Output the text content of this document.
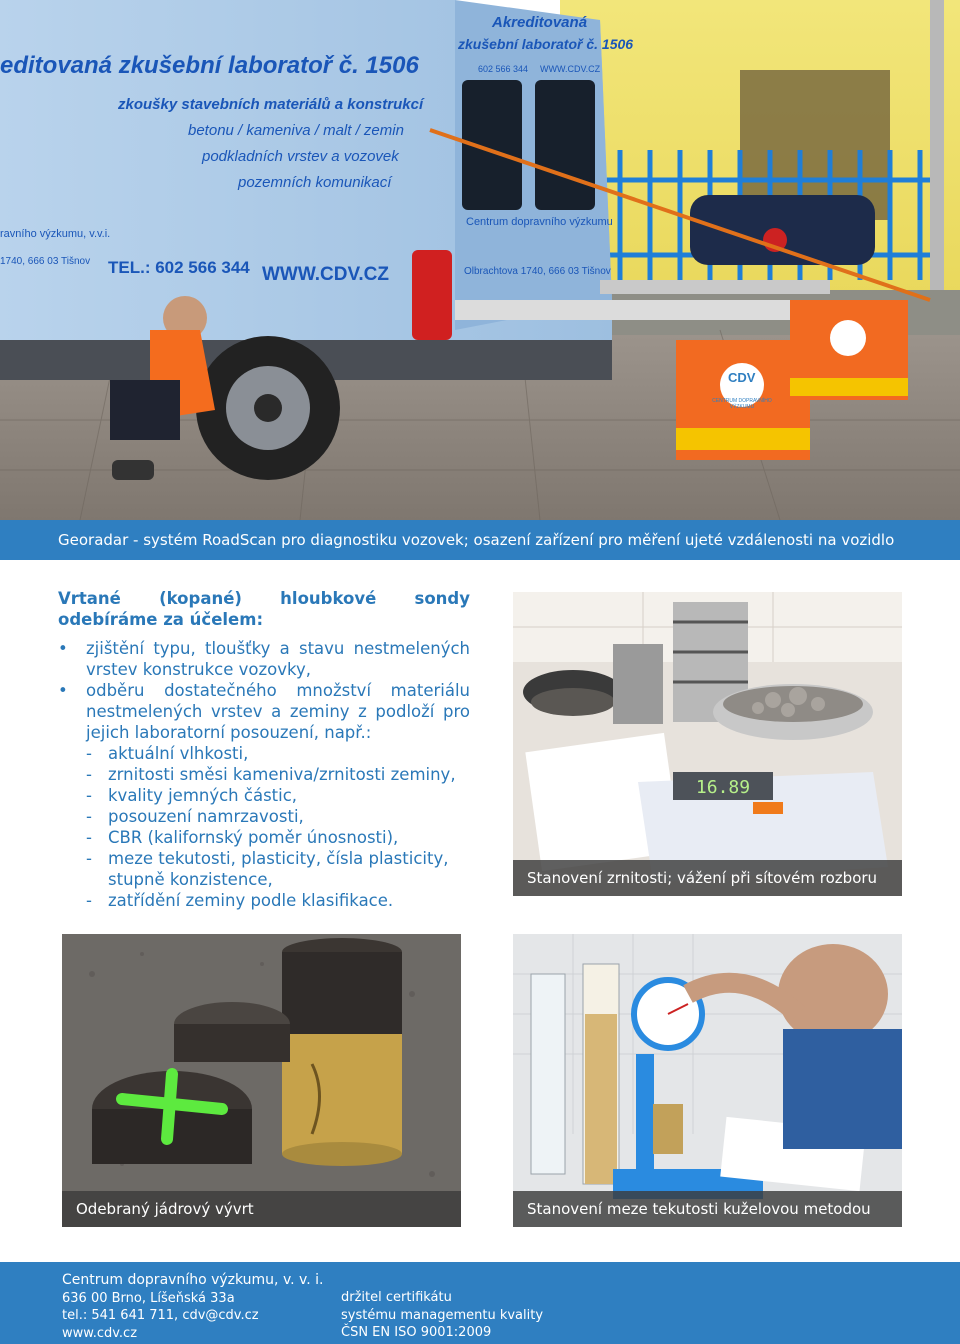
editovaná zkušební laboratoř č. 1506
zkoušky stavebních materiálů a konstrukcí
betonu / kameniva / malt / zemin
podkladních vrstev a vozovek
pozemních komunikací
ravního výzkumu, v.v.i.
1740, 666 03 Tišnov TEL.: 602 566 344 WWW.CDV.CZ
Akreditovaná
zkušební laboratoř č. 1506
602 566 344 WWW.CDV.CZ
Centrum dopravního výzkumu
Olbrachtova 1740, 666 03 Tišnov
CDV
CENTRUM DOPRAVNÍHO VÝZKUMU
Georadar - systém RoadScan pro diagnostiku vozovek; osazení zařízení pro měření ujeté vzdálenosti na vozidlo

Vrtané (kopané) hloubkové sondy odebíráme za účelem:

• zjištění typu, tloušťky a stavu nestmelených vrstev konstrukce vozovky,
• odběru dostatečného množství materiálu nestmelených vrstev a zeminy z podloží pro jejich laboratorní posouzení, např.:
- aktuální vlhkosti,
- zrnitosti směsi kameniva/zrnitosti zeminy,
- kvality jemných částic,
- posouzení namrzavosti,
- CBR (kalifornský poměr únosnosti),
- meze tekutosti, plasticity, čísla plasticity, stupně konzistence,
- zatřídění zeminy podle klasifikace.
16.89
Stanovení zrnitosti; vážení při sítovém rozboru
Odebraný jádrový vývrt	Stanovení meze tekutosti kuželovou metodou
Centrum dopravního výzkumu, v. v. i.
636 00 Brno, Líšeňská 33a
tel.: 541 641 711, cdv@cdv.cz
www.cdv.cz
držitel certifikátu
systému managementu kvality
ČSN EN ISO 9001:2009
